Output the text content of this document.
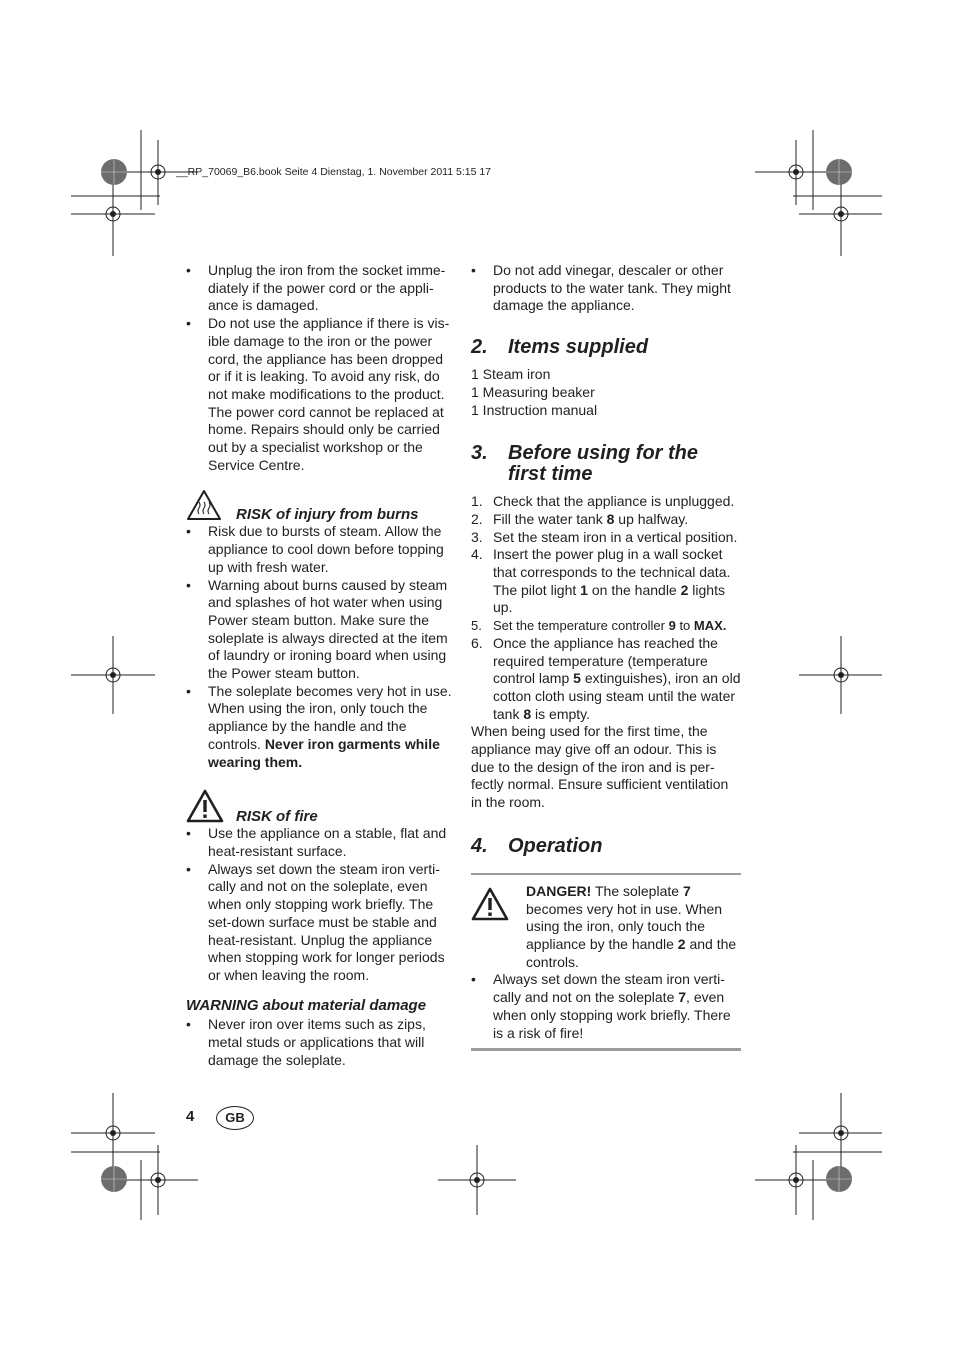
__RP_70069_B6.book Seite 4 Dienstag, 1. November 2011 5:15 17
•	Unplug the iron from the socket imme-diately if the power cord or the appli-ance is damaged.
•	Do not use the appliance if there is vis-ible damage to the iron or the power cord, the appliance has been dropped or if it is leaking. To avoid any risk, do not make modifications to the product. The power cord cannot be replaced at home. Repairs should only be carried out by a specialist workshop or the Service Centre.
RISK of injury from burns
•	Risk due to bursts of steam. Allow the appliance to cool down before topping up with fresh water.
•	Warning about burns caused by steam and splashes of hot water when using Power steam button. Make sure the soleplate is always directed at the item of laundry or ironing board when using the Power steam button.
•	The soleplate becomes very hot in use. When using the iron, only touch the appliance by the handle and the controls. Never iron garments while wearing them.
RISK of fire
•	Use the appliance on a stable, flat and heat-resistant surface.
•	Always set down the steam iron verti-cally and not on the soleplate, even when only stopping work briefly. The set-down surface must be stable and heat-resistant. Unplug the appliance when stopping work for longer periods or when leaving the room.
WARNING about material damage
•	Never iron over items such as zips, metal studs or applications that will damage the soleplate.
•	Do not add vinegar, descaler or other products to the water tank. They might damage the appliance.
2. Items supplied

1 Steam iron

1 Measuring beaker

1 Instruction manual

3. Before using for the first time
1. Check that the appliance is unplugged.
2. Fill the water tank 8 up halfway.
3. Set the steam iron in a vertical position.
4. Insert the power plug in a wall socket that corresponds to the technical data. The pilot light 1 on the handle 2 lights up.
5. Set the temperature controller 9 to MAX.
6. Once the appliance has reached the required temperature (temperature control lamp 5 extinguishes), iron an old cotton cloth using steam until the water tank 8 is empty.

When being used for the first time, the appliance may give off an odour. This is due to the design of the iron and is per-fectly normal. Ensure sufficient ventilation in the room.

4. Operation
DANGER! The soleplate 7 becomes very hot in use. When using the iron, only touch the appliance by the handle 2 and the controls.
•	Always set down the steam iron verti-cally and not on the soleplate 7, even when only stopping work briefly. There is a risk of fire!
4	GB
